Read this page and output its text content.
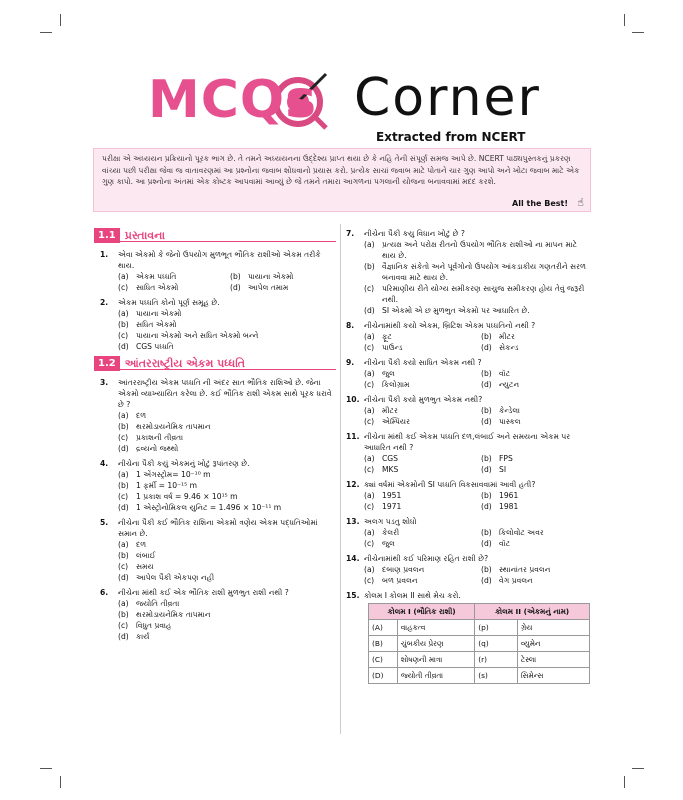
MCQs Corner
Extracted from NCERT

પરીક્ષા એ અધ્યયન પ્રક્રિયાનો પૂરક ભાગ છે. તે તમને અધ્યયનના ઉદ્દેશ્ય પ્રાપ્ત થયા છે કે નહિ તેની સંપૂર્ણ સમજ આપે છે. NCERT પાઠ્યપુસ્તકનું પ્રકરણ વાંચ્યા પછી પરીક્ષા જેવા જ વાતાવરણમાં આ પ્રશ્નોના જવાબ શોધવાનો પ્રયાસ કરો. પ્રત્યેક સાચાં જવાબ માટે પોતાને ચાર ગુણ આપો અને ખોટા જવાબ માટે એક ગુણ કાપો. આ પ્રશ્નોના અંતમાં એક કોષ્ટક આપવામાં આવ્યું છે જે તમને તમારા આગળના પગલાની યોજના બનાવવામાં મદદ કરશે.

All the Best! ☝
1.1 પ્રસ્તાવના
1.	એવા એકમો કે જેનો ઉપયોગ મુળભૂત ભૌતિક રાશીઓ એકમ તરીકે થાય.
(a) એકમ પધ્ધતિ	(b) પાયાના એકમો
(c)	સાધિત એકમો	(d) આપેલ તમામ
2.	એકમ પધ્ધતિ કોનો પૂર્ણ સમૂહ છે.
(a) પાયાના એકમો
(b) સધિત એકમો
(c)	પાયાના એકમો અને સધિત એકમો બન્ને
(d) CGS પધ્ધતિ
1.2 આંતરરાષ્ટ્રીય એકમ પધ્ધતિ
3.	આંતરરાષ્ટ્રીય એકમ પધ્ધતિ ની અંદર સાત ભૌતિક રાશિઓ છે. જેના એકમો વ્યાખ્યાયિત કરેલા છે. કઈ ભૌતિક રાશી એકમ સાથે પૂરક ધરાવે છે ?
(a) દળ
(b) થરમોડાયનેમિક તાપમાન
(c)	પ્રકાશની તીવ્રતા
(d) દ્રવ્યનો જથ્થો
4.	નીચેના પૈકી કયું એકમનું ખોટું રૂપાંતરણ છે.
(a) 1 એંગસ્ટ્રોમ= 10⁻¹⁰ m
(b) 1 ફર્મી = 10⁻¹⁵ m
(c)	1 પ્રકાશ વર્ષ = 9.46 × 10¹⁵ m
(d) 1 એસ્ટ્રોનોમિકલ યુનિટ = 1.496 × 10⁻¹¹ m
5.	નીચેના પૈકી કઈ ભૌતિક રાશિના એકમો ત્રણેય એકમ પદ્ધતિઓમાં સમાન છે.
(a) દળ
(b) લંબાઈ
(c)	સમય
(d) આપેલ પૈકી એકપણ નહી
6.	નીચેના માંથી કઈ એક ભૌતિક રાશી મુળભુત રાશી નથી ?
(a) જયોતિ તીવ્રતા
(b) થરમોડાયનેમિક તાપમાન
(c)	વિધુત પ્રવાહ
(d) કાર્ય
7.	નીચેના પૈકી કયુ વિધાન ખોટું છે ?
(a) પ્રત્યક્ષ અને પરોક્ષ રીતનો ઉપયોગ ભૌતિક રાશીઓ ના માપન માટે થાય છે.
(b) વૈજ્ઞાનિક સંકેતો અને પૂર્વગોનો ઉપયોગ આંકડાકીય ગણતરીને સરળ બનાવવા માટે થાય છે.
(c)	પરિમાણીય રીતે યોગ્ય સમીકરણ સાચુજ સમીકરણ હોય તેવું જરૂરી નથી.
(d) SI એકમો એ છ મુળભુત એકમો પર આધારિત છે.
8.	નીચેનામાંથી કયો એકમ, બ્રિટિશ એકમ પધ્ધતિનો નથી ?
(a) ફૂટ	(b) મીટર
(c)	પાઉન્ડ	(d) સેકન્ડ
9.	નીચેના પૈકી કયો સાધિત એકમ નથી ?
(a) જુલ	(b) વૉટ
(c)	કિલોગ્રામ	(d) ન્યુટન
10. નીચેના પૈકી કયો મુળભુત એકમ નથી?
(a) મીટર	(b) કેન્ડેલા
(c)	એમ્પિયર	(d) પાસ્કલ
11. નીચેના માંથી કઈ એકમ પધ્ધતિ દળ,લંબાઈ અને સમયના એકમ પર આધારિત નથી ?
(a) CGS	(b) FPS
(c)	MKS	(d) SI
12. ક્યાં વર્ષમાં એકમોની SI પધ્ધતિ વિકસાવવામાં આવી હતી?
(a) 1951	(b) 1961
(c)	1971	(d) 1981
13. અલગ પડતુ શોધો
(a) કેલરી	(b) કિલોવોટ અવર
(c)	જુલ	(d) વૉટ
14. નીચેનામાંથી કઈ પરિમાણ રહિત રાશી છે?
(a) દબાણ પ્રવલન	(b) સ્થાનાંતર પ્રવલન
(c)	બળ પ્રવલન	(d) વેગ પ્રવલન
15. કોલમ I કોલમ II સાથે મેચ કરો.
કોલમ I (ભૌતિક રાશી)		કોલમ II (એકમનું નામ)	
(A)	વાહકત્વ	(p)	ગ્રેય
(B)	ચુંબકીય પ્રેરણ	(q)	વ્યુમેન
(C)	શોષણની માત્રા	(r)	ટેસ્લા
(D)	જ્યોતી તીવ્રતા	(s)	સિમેન્સ
